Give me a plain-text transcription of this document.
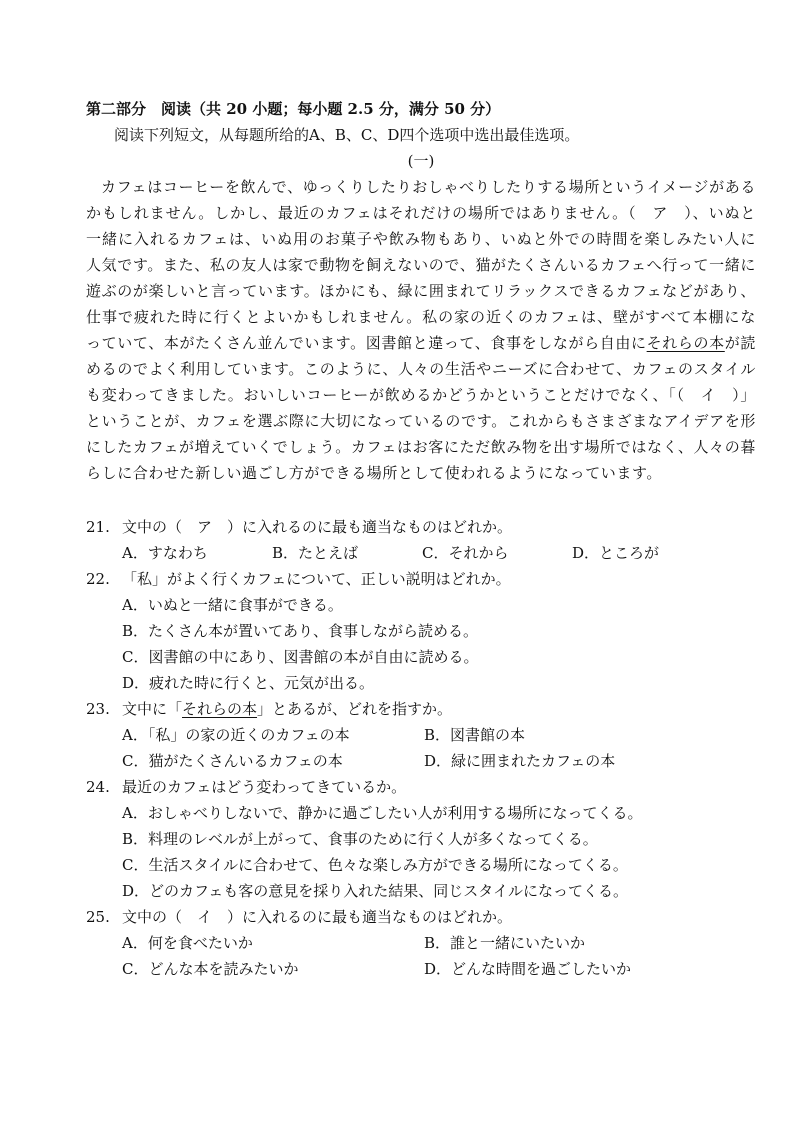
第二部分　阅读（共 20 小题；每小题 2.5 分，满分 50 分）
阅读下列短文，从每题所给的A、B、C、D四个选项中选出最佳选项。
(一)

カフェはコーヒーを飲んで、ゆっくりしたりおしゃべりしたりする場所というイメージがあるかもしれません。しかし、最近のカフェはそれだけの場所ではありません。（　ア　）、いぬと一緒に入れるカフェは、いぬ用のお菓子や飲み物もあり、いぬと外での時間を楽しみたい人に人気です。また、私の友人は家で動物を飼えないので、猫がたくさんいるカフェへ行って一緒に遊ぶのが楽しいと言っています。ほかにも、緑に囲まれてリラックスできるカフェなどがあり、仕事で疲れた時に行くとよいかもしれません。私の家の近くのカフェは、壁がすべて本棚になっていて、本がたくさん並んでいます。図書館と違って、食事をしながら自由にそれらの本が読めるのでよく利用しています。このように、人々の生活やニーズに合わせて、カフェのスタイルも変わってきました。おいしいコーヒーが飲めるかどうかということだけでなく、「（　イ　）」ということが、カフェを選ぶ際に大切になっているのです。これからもさまざまなアイデアを形にしたカフェが増えていくでしょう。カフェはお客にただ飲み物を出す場所ではなく、人々の暮らしに合わせた新しい過ごし方ができる場所として使われるようになっています。

21. 文中の（　ア　）に入れるのに最も適当なものはどれか。
A．すなわち	B．たとえば	C．それから	D．ところが
22. 「私」がよく行くカフェについて、正しい説明はどれか。
A．いぬと一緒に食事ができる。
B．たくさん本が置いてあり、食事しながら読める。
C．図書館の中にあり、図書館の本が自由に読める。
D．疲れた時に行くと、元気が出る。
23. 文中に「それらの本」とあるが、どれを指すか。
A．「私」の家の近くのカフェの本	B．図書館の本
C．猫がたくさんいるカフェの本	D．緑に囲まれたカフェの本
24. 最近のカフェはどう変わってきているか。
A．おしゃべりしないで、静かに過ごしたい人が利用する場所になってくる。
B．料理のレベルが上がって、食事のために行く人が多くなってくる。
C．生活スタイルに合わせて、色々な楽しみ方ができる場所になってくる。
D．どのカフェも客の意見を採り入れた結果、同じスタイルになってくる。
25. 文中の（　イ　）に入れるのに最も適当なものはどれか。
A．何を食べたいか	B．誰と一緒にいたいか
C．どんな本を読みたいか	D．どんな時間を過ごしたいか
